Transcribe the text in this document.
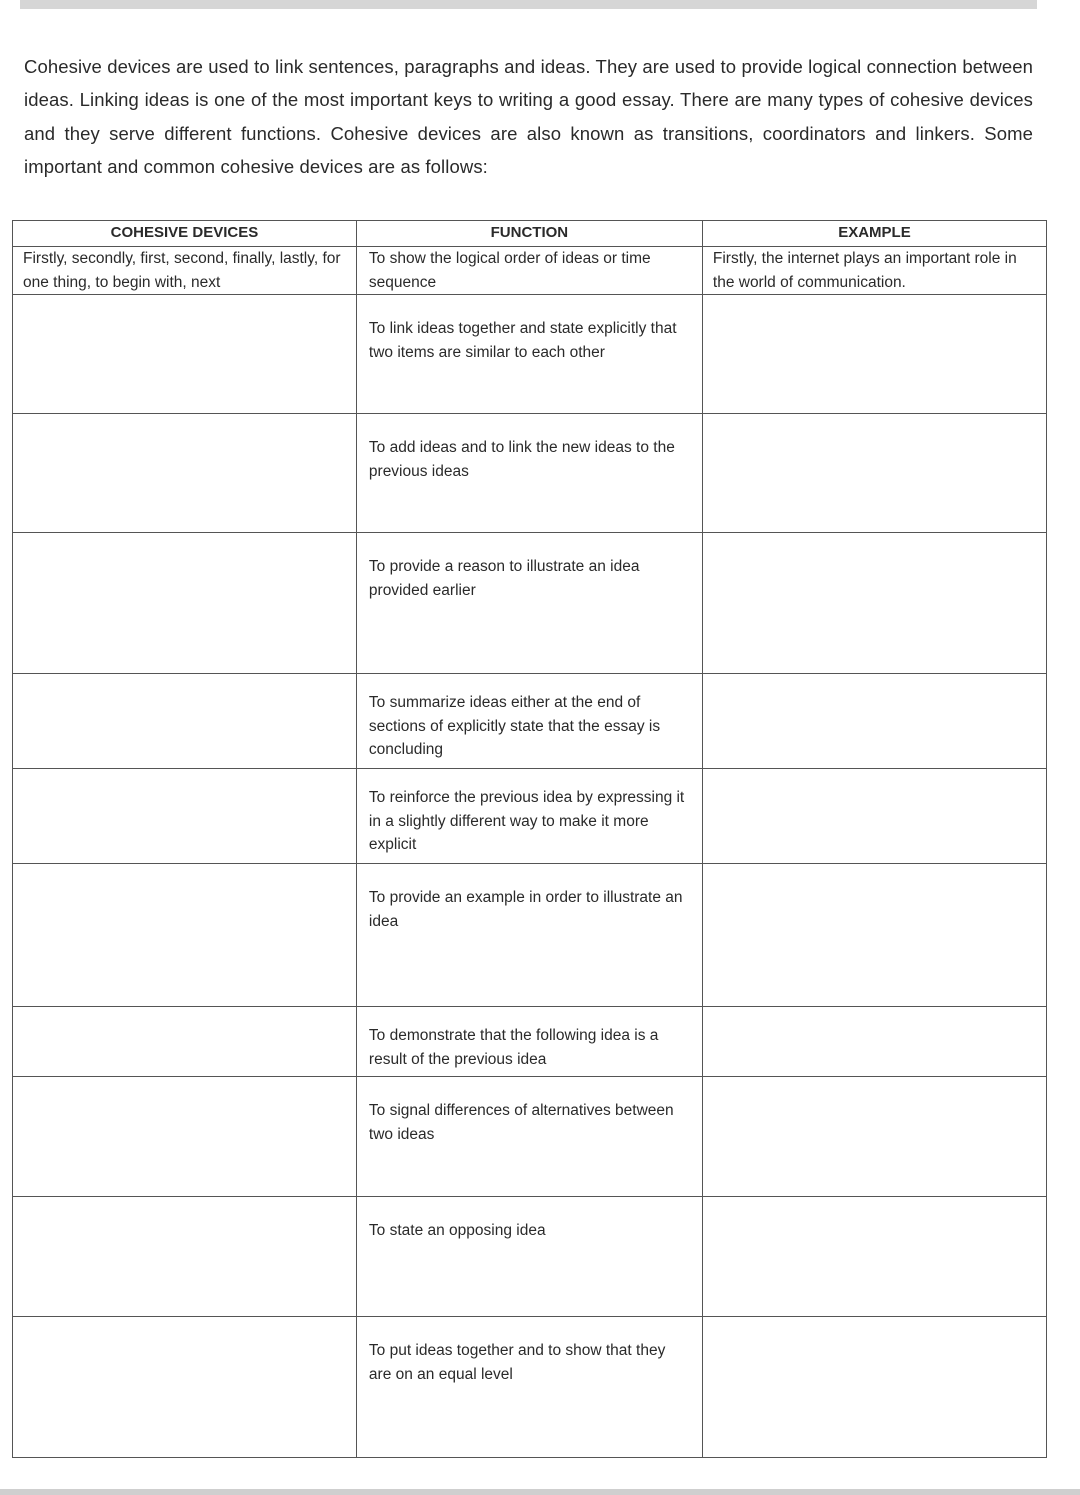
Cohesive devices are used to link sentences, paragraphs and ideas. They are used to provide logical connection between ideas. Linking ideas is one of the most important keys to writing a good essay. There are many types of cohesive devices and they serve different functions. Cohesive devices are also known as transitions, coordinators and linkers. Some important and common cohesive devices are as follows:

COHESIVE DEVICES	FUNCTION	EXAMPLE
Firstly, secondly, first, second, finally, lastly, for one thing, to begin with, next	To show the logical order of ideas or time sequence	Firstly, the internet plays an important role in the world of communication.

	To link ideas together and state explicitly that two items are similar to each other	

	To add ideas and to link the new ideas to the previous ideas	

	To provide a reason to illustrate an idea provided earlier	

	To summarize ideas either at the end of sections of explicitly state that the essay is concluding	

	To reinforce the previous idea by expressing it in a slightly different way to make it more explicit	

	To provide an example in order to illustrate an idea	

	To demonstrate that the following idea is a result of the previous idea	

	To signal differences of alternatives between two ideas	

	To state an opposing idea	

	To put ideas together and to show that they are on an equal level	
